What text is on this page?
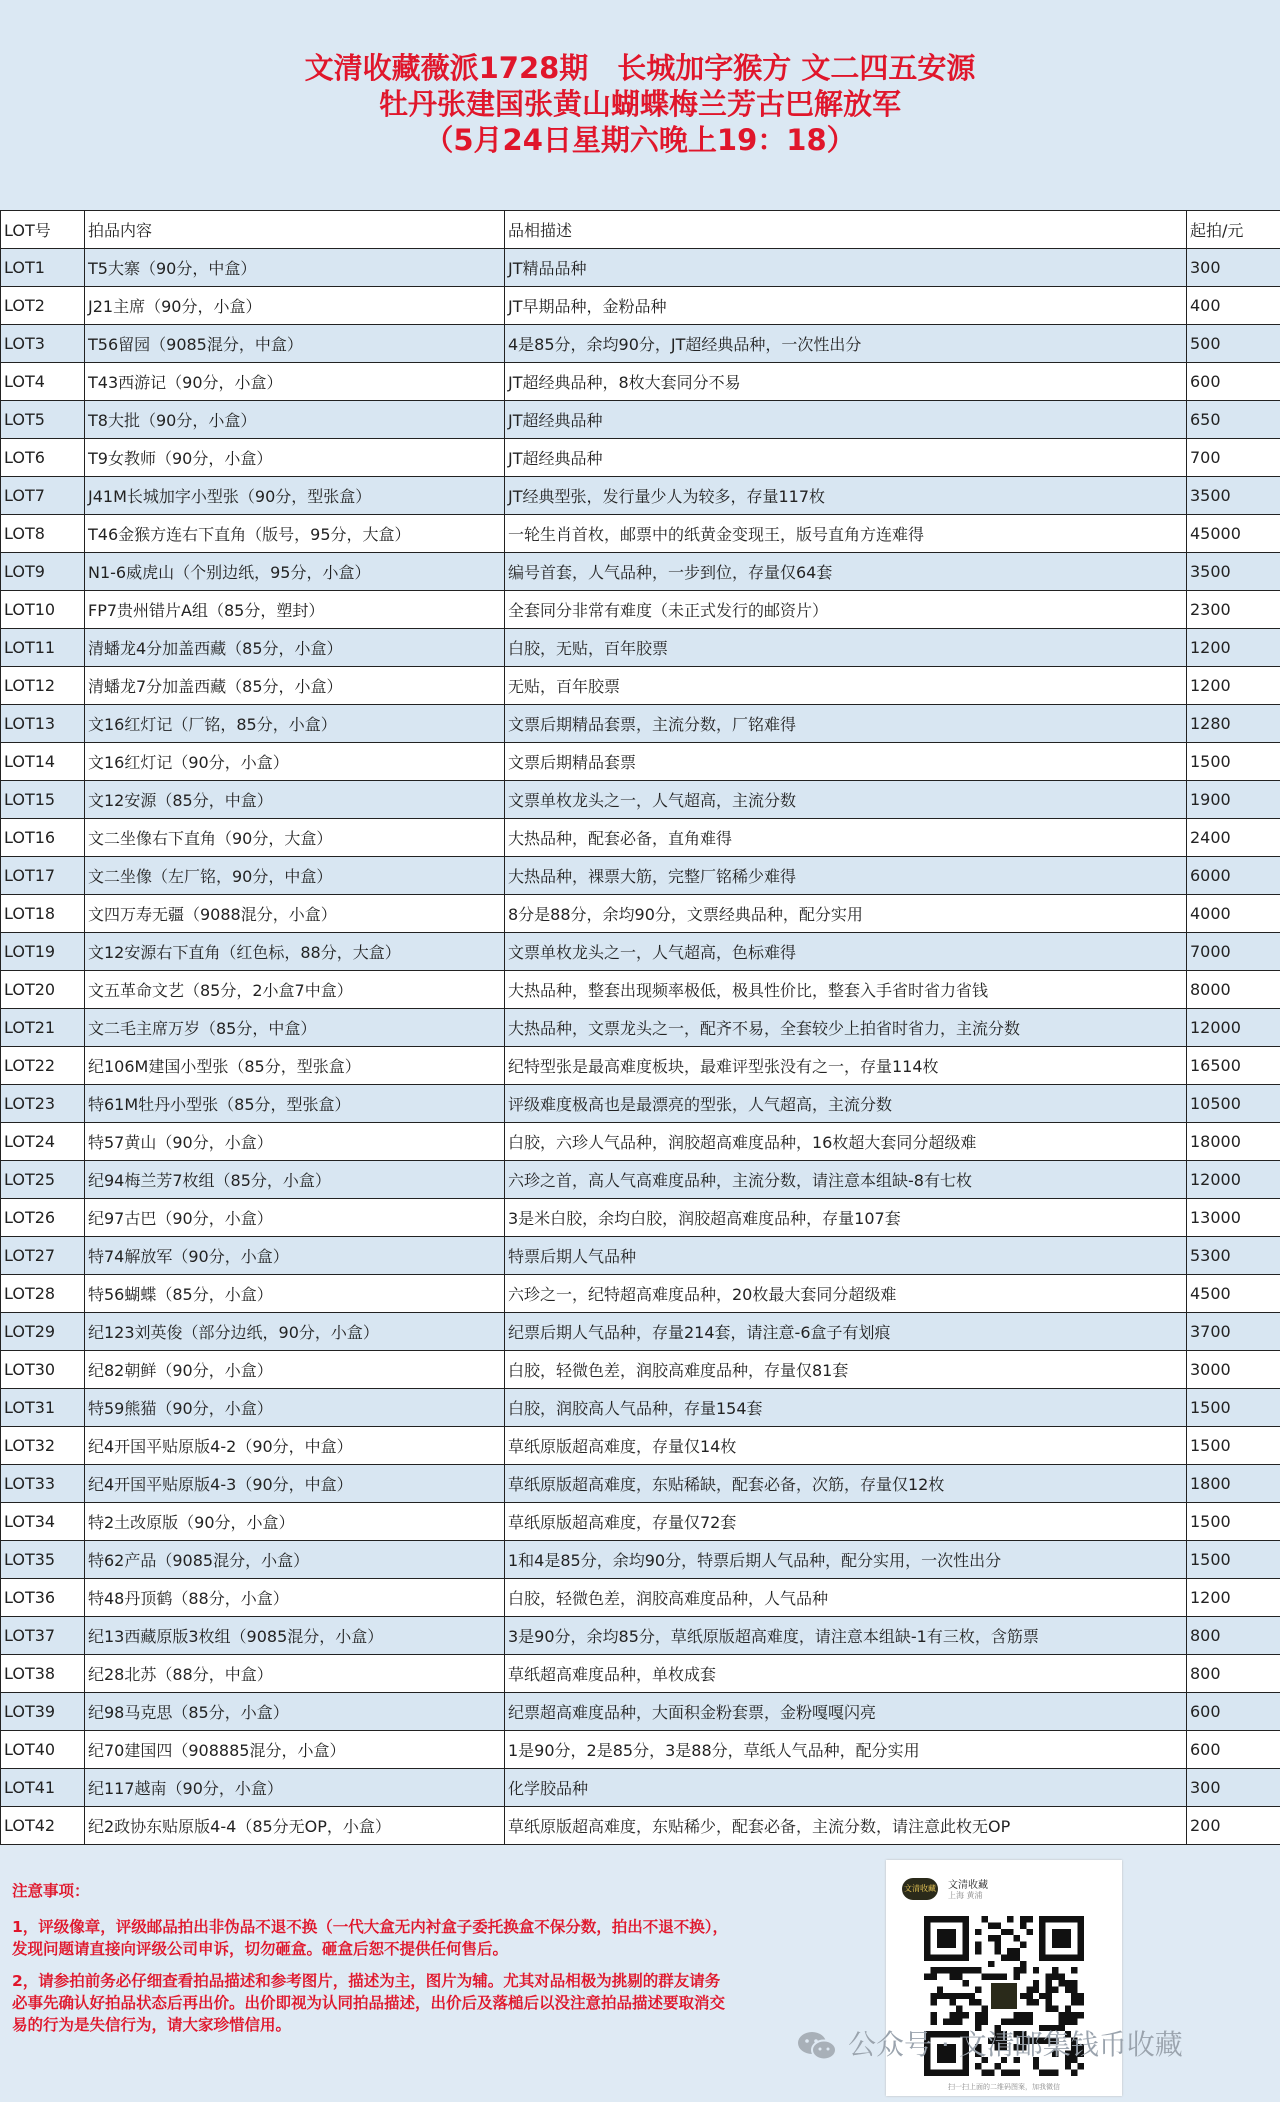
文清收藏薇派1728期　长城加字猴方 文二四五安源
牡丹张建国张黄山蝴蝶梅兰芳古巴解放军
（5月24日星期六晚上19：18）
LOT号	拍品内容	品相描述	起拍/元
LOT1	T5大寨（90分，中盒）	JT精品品种	300
LOT2	J21主席（90分，小盒）	JT早期品种，金粉品种	400
LOT3	T56留园（9085混分，中盒）	4是85分，余均90分，JT超经典品种，一次性出分	500
LOT4	T43西游记（90分，小盒）	JT超经典品种，8枚大套同分不易	600
LOT5	T8大批（90分，小盒）	JT超经典品种	650
LOT6	T9女教师（90分，小盒）	JT超经典品种	700
LOT7	J41M长城加字小型张（90分，型张盒）	JT经典型张，发行量少人为较多，存量117枚	3500
LOT8	T46金猴方连右下直角（版号，95分，大盒）	一轮生肖首枚，邮票中的纸黄金变现王，版号直角方连难得	45000
LOT9	N1-6威虎山（个别边纸，95分，小盒）	编号首套，人气品种，一步到位，存量仅64套	3500
LOT10	FP7贵州错片A组（85分，塑封）	全套同分非常有难度（未正式发行的邮资片）	2300
LOT11	清蟠龙4分加盖西藏（85分，小盒）	白胶，无贴，百年胶票	1200
LOT12	清蟠龙7分加盖西藏（85分，小盒）	无贴，百年胶票	1200
LOT13	文16红灯记（厂铭，85分，小盒）	文票后期精品套票，主流分数，厂铭难得	1280
LOT14	文16红灯记（90分，小盒）	文票后期精品套票	1500
LOT15	文12安源（85分，中盒）	文票单枚龙头之一，人气超高，主流分数	1900
LOT16	文二坐像右下直角（90分，大盒）	大热品种，配套必备，直角难得	2400
LOT17	文二坐像（左厂铭，90分，中盒）	大热品种，裸票大筋，完整厂铭稀少难得	6000
LOT18	文四万寿无疆（9088混分，小盒）	8分是88分，余均90分，文票经典品种，配分实用	4000
LOT19	文12安源右下直角（红色标，88分，大盒）	文票单枚龙头之一，人气超高，色标难得	7000
LOT20	文五革命文艺（85分，2小盒7中盒）	大热品种，整套出现频率极低，极具性价比，整套入手省时省力省钱	8000
LOT21	文二毛主席万岁（85分，中盒）	大热品种，文票龙头之一，配齐不易，全套较少上拍省时省力，主流分数	12000
LOT22	纪106M建国小型张（85分，型张盒）	纪特型张是最高难度板块，最难评型张没有之一，存量114枚	16500
LOT23	特61M牡丹小型张（85分，型张盒）	评级难度极高也是最漂亮的型张，人气超高，主流分数	10500
LOT24	特57黄山（90分，小盒）	白胶，六珍人气品种，润胶超高难度品种，16枚超大套同分超级难	18000
LOT25	纪94梅兰芳7枚组（85分，小盒）	六珍之首，高人气高难度品种，主流分数，请注意本组缺-8有七枚	12000
LOT26	纪97古巴（90分，小盒）	3是米白胶，余均白胶，润胶超高难度品种，存量107套	13000
LOT27	特74解放军（90分，小盒）	特票后期人气品种	5300
LOT28	特56蝴蝶（85分，小盒）	六珍之一，纪特超高难度品种，20枚最大套同分超级难	4500
LOT29	纪123刘英俊（部分边纸，90分，小盒）	纪票后期人气品种，存量214套，请注意-6盒子有划痕	3700
LOT30	纪82朝鲜（90分，小盒）	白胶，轻微色差，润胶高难度品种，存量仅81套	3000
LOT31	特59熊猫（90分，小盒）	白胶，润胶高人气品种，存量154套	1500
LOT32	纪4开国平贴原版4-2（90分，中盒）	草纸原版超高难度，存量仅14枚	1500
LOT33	纪4开国平贴原版4-3（90分，中盒）	草纸原版超高难度，东贴稀缺，配套必备，次筋，存量仅12枚	1800
LOT34	特2土改原版（90分，小盒）	草纸原版超高难度，存量仅72套	1500
LOT35	特62产品（9085混分，小盒）	1和4是85分，余均90分，特票后期人气品种，配分实用，一次性出分	1500
LOT36	特48丹顶鹤（88分，小盒）	白胶，轻微色差，润胶高难度品种，人气品种	1200
LOT37	纪13西藏原版3枚组（9085混分，小盒）	3是90分，余均85分，草纸原版超高难度，请注意本组缺-1有三枚，含筋票	800
LOT38	纪28北苏（88分，中盒）	草纸超高难度品种，单枚成套	800
LOT39	纪98马克思（85分，小盒）	纪票超高难度品种，大面积金粉套票，金粉嘎嘎闪亮	600
LOT40	纪70建国四（908885混分，小盒）	1是90分，2是85分，3是88分，草纸人气品种，配分实用	600
LOT41	纪117越南（90分，小盒）	化学胶品种	300
LOT42	纪2政协东贴原版4-4（85分无OP，小盒）	草纸原版超高难度，东贴稀少，配套必备，主流分数，请注意此枚无OP	200
注意事项：

1，评级像章，评级邮品拍出非伪品不退不换（一代大盒无内衬盒子委托换盒不保分数，拍出不退不换），发现问题请直接向评级公司申诉，切勿砸盒。砸盒后恕不提供任何售后。

2，请参拍前务必仔细查看拍品描述和参考图片，描述为主，图片为辅。尤其对品相极为挑剔的群友请务必事先确认好拍品状态后再出价。出价即视为认同拍品描述，出价后及落槌后以没注意拍品描述要取消交易的行为是失信行为，请大家珍惜信用。

文清收藏 文清收藏
上海 黄浦
扫一扫上面的二维码图案，加我微信
公众号 · 文清邮集钱币收藏
